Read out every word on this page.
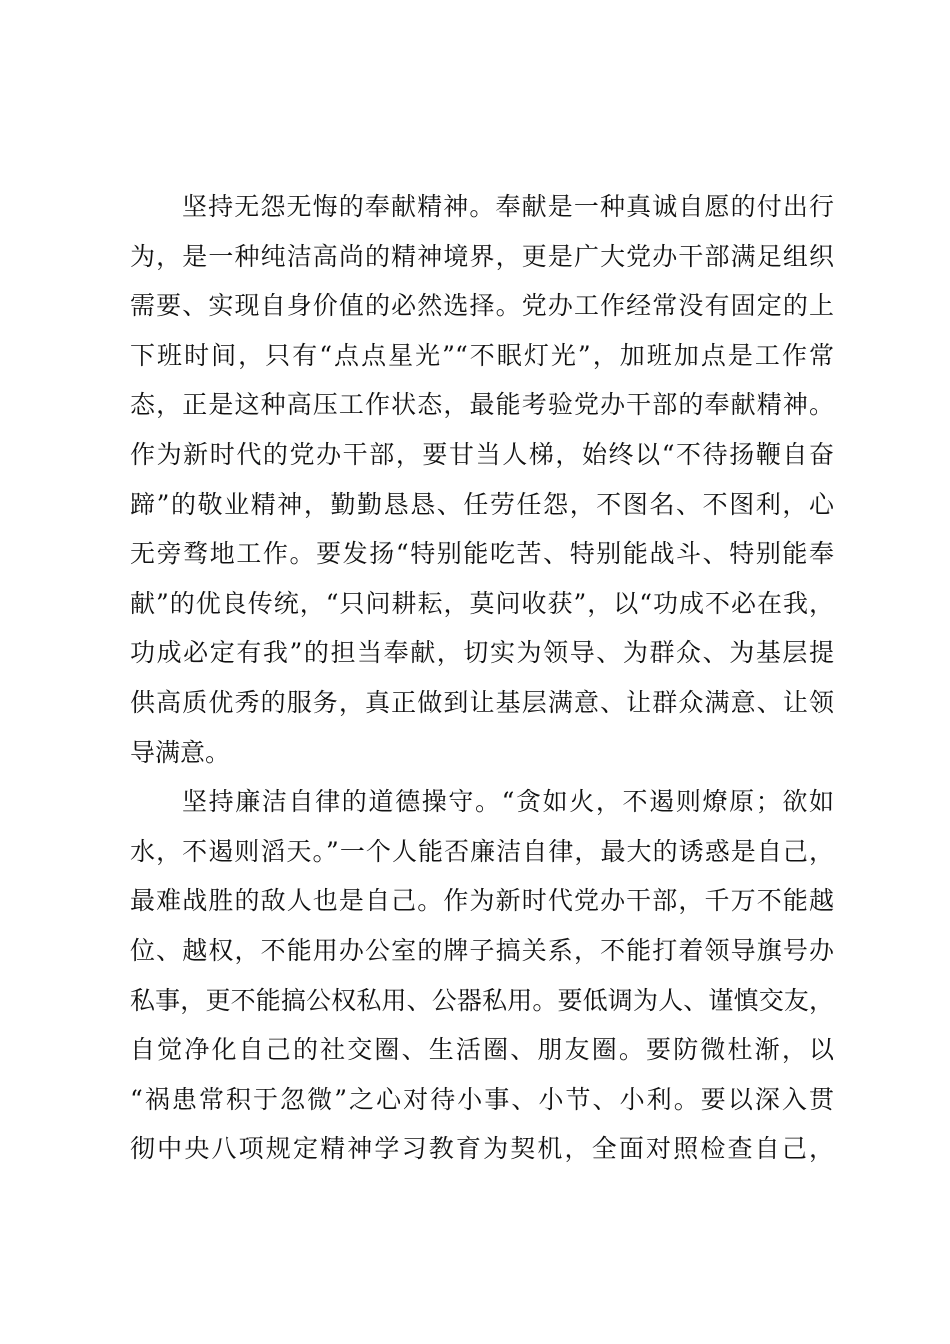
坚持无怨无悔的奉献精神。奉献是一种真诚自愿的付出行
为，是一种纯洁高尚的精神境界，更是广大党办干部满足组织
需要、实现自身价值的必然选择。党办工作经常没有固定的上
下班时间，只有“点点星光”“不眠灯光”，加班加点是工作常
态，正是这种高压工作状态，最能考验党办干部的奉献精神。
作为新时代的党办干部，要甘当人梯，始终以“不待扬鞭自奋
蹄”的敬业精神，勤勤恳恳、任劳任怨，不图名、不图利，心
无旁骛地工作。要发扬“特别能吃苦、特别能战斗、特别能奉
献”的优良传统，“只问耕耘，莫问收获”，以“功成不必在我，
功成必定有我”的担当奉献，切实为领导、为群众、为基层提
供高质优秀的服务，真正做到让基层满意、让群众满意、让领
导满意。
坚持廉洁自律的道德操守。“贪如火，不遏则燎原；欲如
水，不遏则滔天。”一个人能否廉洁自律，最大的诱惑是自己，
最难战胜的敌人也是自己。作为新时代党办干部，千万不能越
位、越权，不能用办公室的牌子搞关系，不能打着领导旗号办
私事，更不能搞公权私用、公器私用。要低调为人、谨慎交友，
自觉净化自己的社交圈、生活圈、朋友圈。要防微杜渐，以
“祸患常积于忽微”之心对待小事、小节、小利。要以深入贯
彻中央八项规定精神学习教育为契机，全面对照检查自己，
